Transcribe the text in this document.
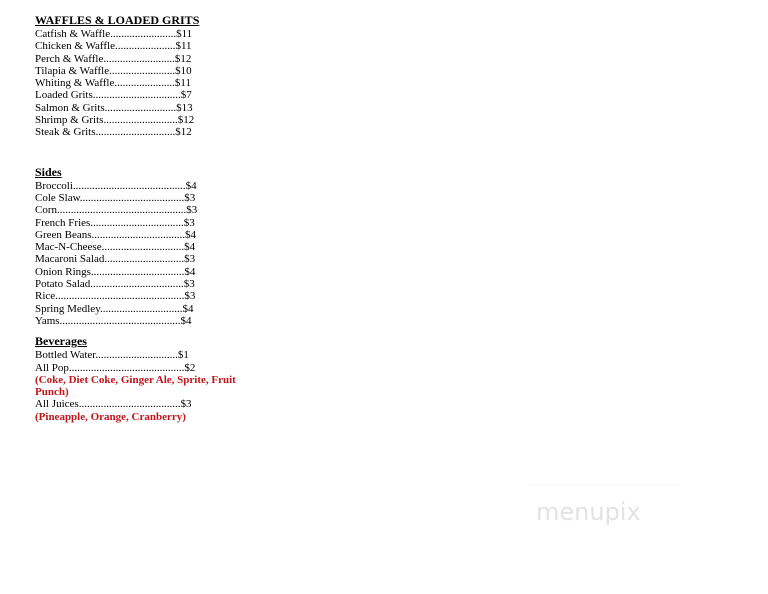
WAFFLES & LOADED GRITS
Catfish & Waffle........................$11
Chicken & Waffle......................$11
Perch & Waffle..........................$12
Tilapia & Waffle........................$10
Whiting & Waffle......................$11
Loaded Grits................................$7
Salmon & Grits..........................$13
Shrimp & Grits...........................$12
Steak & Grits.............................$12
Sides
Broccoli.........................................$4
Cole Slaw......................................$3
Corn...............................................$3
French Fries..................................$3
Green Beans..................................$4
Mac-N-Cheese..............................$4
Macaroni Salad.............................$3
Onion Rings..................................$4
Potato Salad..................................$3
Rice...............................................$3
Spring Medley..............................$4
Yams............................................$4
Beverages
Bottled Water..............................$1
All Pop..........................................$2
(Coke, Diet Coke, Ginger Ale, Sprite, Fruit Punch)
All Juices.....................................$3
(Pineapple, Orange, Cranberry)
menupix
